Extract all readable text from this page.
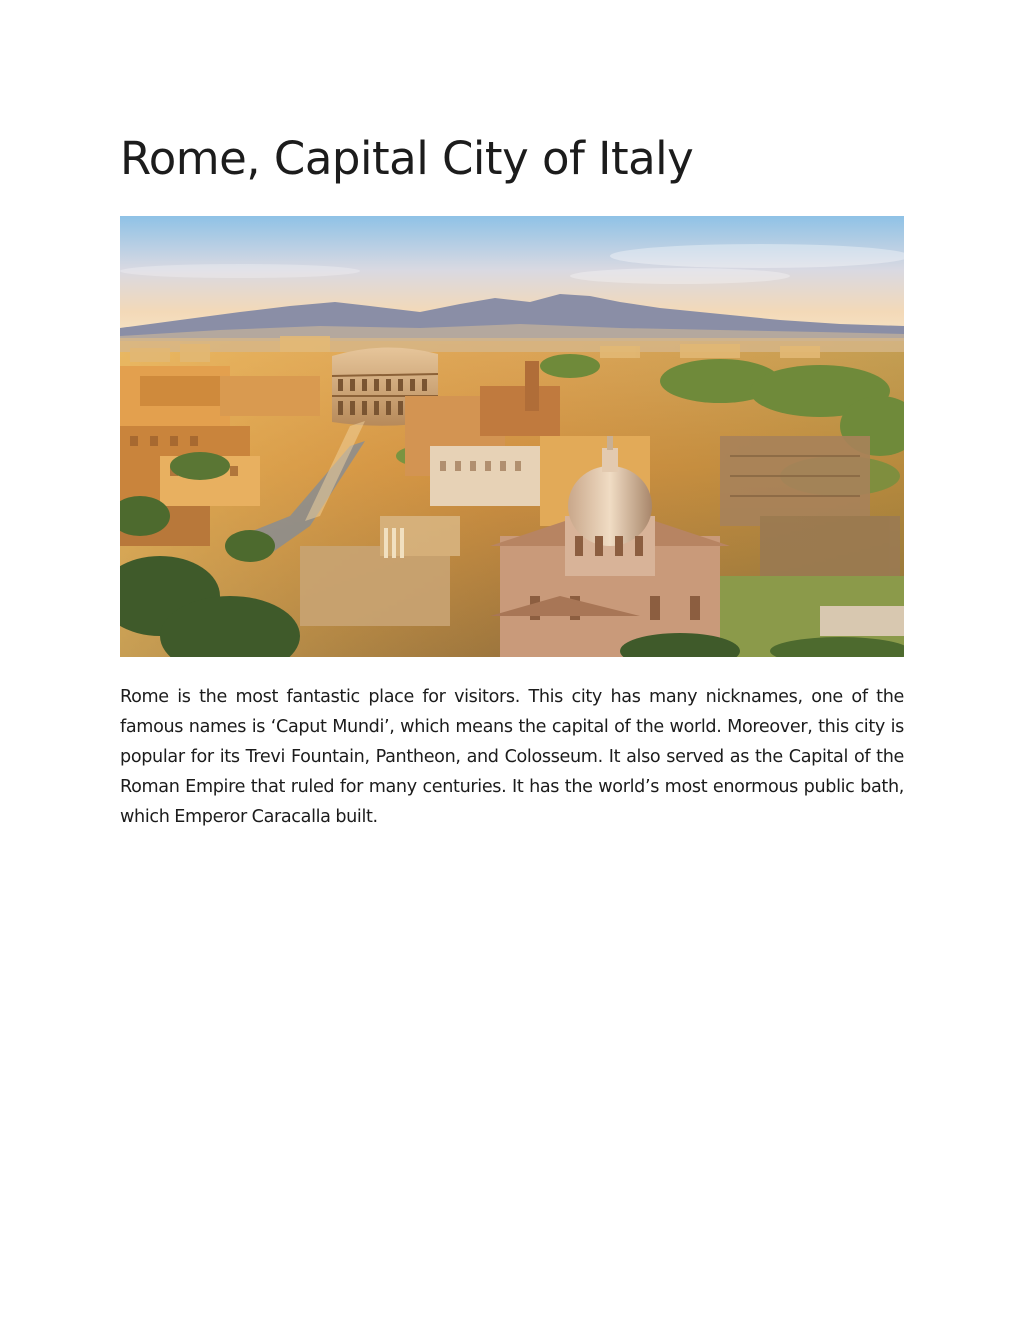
Rome, Capital City of Italy

Rome is the most fantastic place for visitors. This city has many nicknames, one of the famous names is ‘Caput Mundi’, which means the capital of the world. Moreover, this city is popular for its Trevi Fountain, Pantheon, and Colosseum. It also served as the Capital of the Roman Empire that ruled for many centuries. It has the world’s most enormous public bath, which Emperor Caracalla built.
